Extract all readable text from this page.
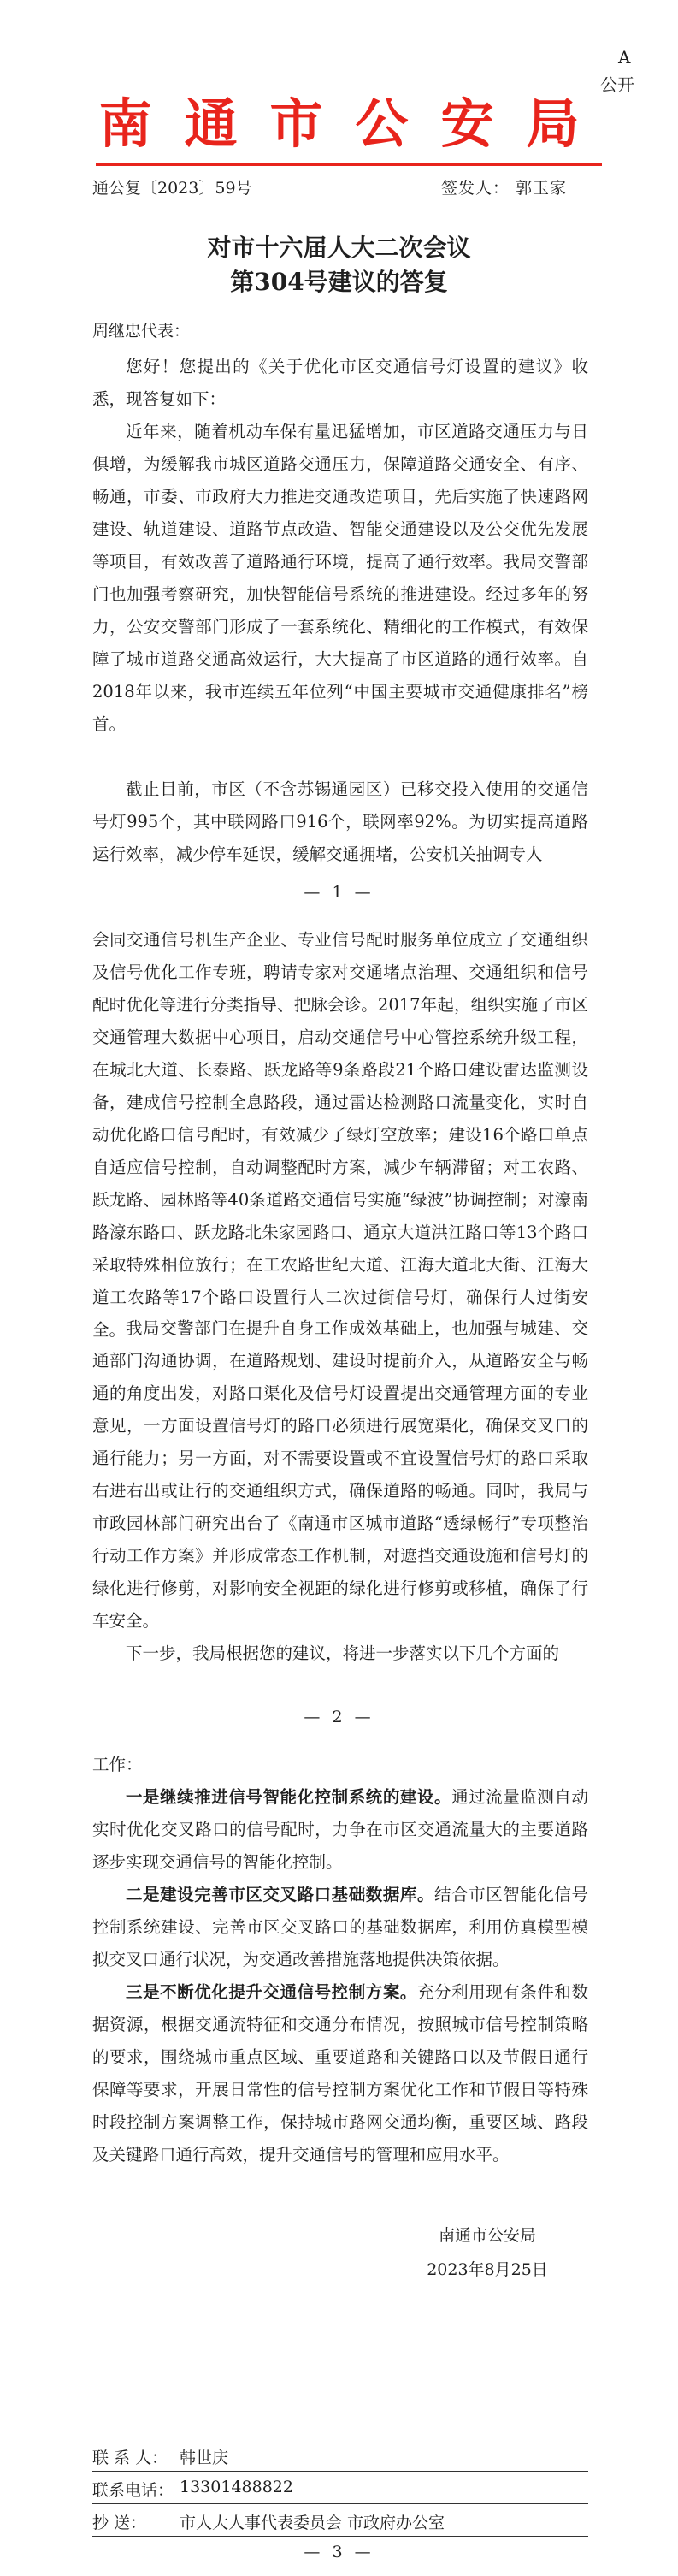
A
公开
南通市公安局
通公复〔2023〕59号	签发人： 郭玉家
对市十六届人大二次会议
第304号建议的答复
周继忠代表：
您好！您提出的《关于优化市区交通信号灯设置的建议》收悉，现答复如下：
近年来，随着机动车保有量迅猛增加，市区道路交通压力与日俱增，为缓解我市城区道路交通压力，保障道路交通安全、有序、畅通，市委、市政府大力推进交通改造项目，先后实施了快速路网建设、轨道建设、道路节点改造、智能交通建设以及公交优先发展等项目，有效改善了道路通行环境，提高了通行效率。我局交警部门也加强考察研究，加快智能信号系统的推进建设。经过多年的努力，公安交警部门形成了一套系统化、精细化的工作模式，有效保障了城市道路交通高效运行，大大提高了市区道路的通行效率。自2018年以来，我市连续五年位列“中国主要城市交通健康排名”榜首。
截止目前，市区（不含苏锡通园区）已移交投入使用的交通信号灯995个，其中联网路口916个，联网率92%。为切实提高道路运行效率，减少停车延误，缓解交通拥堵，公安机关抽调专人
— 1 —
会同交通信号机生产企业、专业信号配时服务单位成立了交通组织及信号优化工作专班，聘请专家对交通堵点治理、交通组织和信号配时优化等进行分类指导、把脉会诊。2017年起，组织实施了市区交通管理大数据中心项目，启动交通信号中心管控系统升级工程，在城北大道、长泰路、跃龙路等9条路段21个路口建设雷达监测设备，建成信号控制全息路段，通过雷达检测路口流量变化，实时自动优化路口信号配时，有效减少了绿灯空放率；建设16个路口单点自适应信号控制，自动调整配时方案，减少车辆滞留；对工农路、跃龙路、园林路等40条道路交通信号实施“绿波”协调控制；对濠南路濠东路口、跃龙路北朱家园路口、通京大道洪江路口等13个路口采取特殊相位放行；在工农路世纪大道、江海大道北大街、江海大道工农路等17个路口设置行人二次过街信号灯，确保行人过街安全。 我局交警部门在提升自身工作成效基础上，也加强与城建、交通部门沟通协调，在道路规划、建设时提前介入，从道路安全与畅通的角度出发，对路口渠化及信号灯设置提出交通管理方面的专业意见，一方面设置信号灯的路口必须进行展宽渠化，确保交叉口的通行能力；另一方面，对不需要设置或不宜设置信号灯的路口采取右进右出或让行的交通组织方式，确保道路的畅通。同时，我局与市政园林部门研究出台了《南通市区城市道路“透绿畅行”专项整治行动工作方案》并形成常态工作机制，对遮挡交通设施和信号灯的绿化进行修剪，对影响安全视距的绿化进行修剪或移植，确保了行车安全。
下一步，我局根据您的建议，将进一步落实以下几个方面的
— 2 —
工作：
一是继续推进信号智能化控制系统的建设。通过流量监测自动实时优化交叉路口的信号配时，力争在市区交通流量大的主要道路逐步实现交通信号的智能化控制。
二是建设完善市区交叉路口基础数据库。结合市区智能化信号控制系统建设、完善市区交叉路口的基础数据库，利用仿真模型模拟交叉口通行状况，为交通改善措施落地提供决策依据。
三是不断优化提升交通信号控制方案。充分利用现有条件和数据资源，根据交通流特征和交通分布情况，按照城市信号控制策略的要求，围绕城市重点区域、重要道路和关键路口以及节假日通行保障等要求，开展日常性的信号控制方案优化工作和节假日等特殊时段控制方案调整工作，保持城市路网交通均衡，重要区域、路段及关键路口通行高效，提升交通信号的管理和应用水平。
南通市公安局
2023年8月25日
联 系 人： 韩世庆
联系电话： 13301488822
抄 送： 市人大人事代表委员会 市政府办公室
— 3 —
